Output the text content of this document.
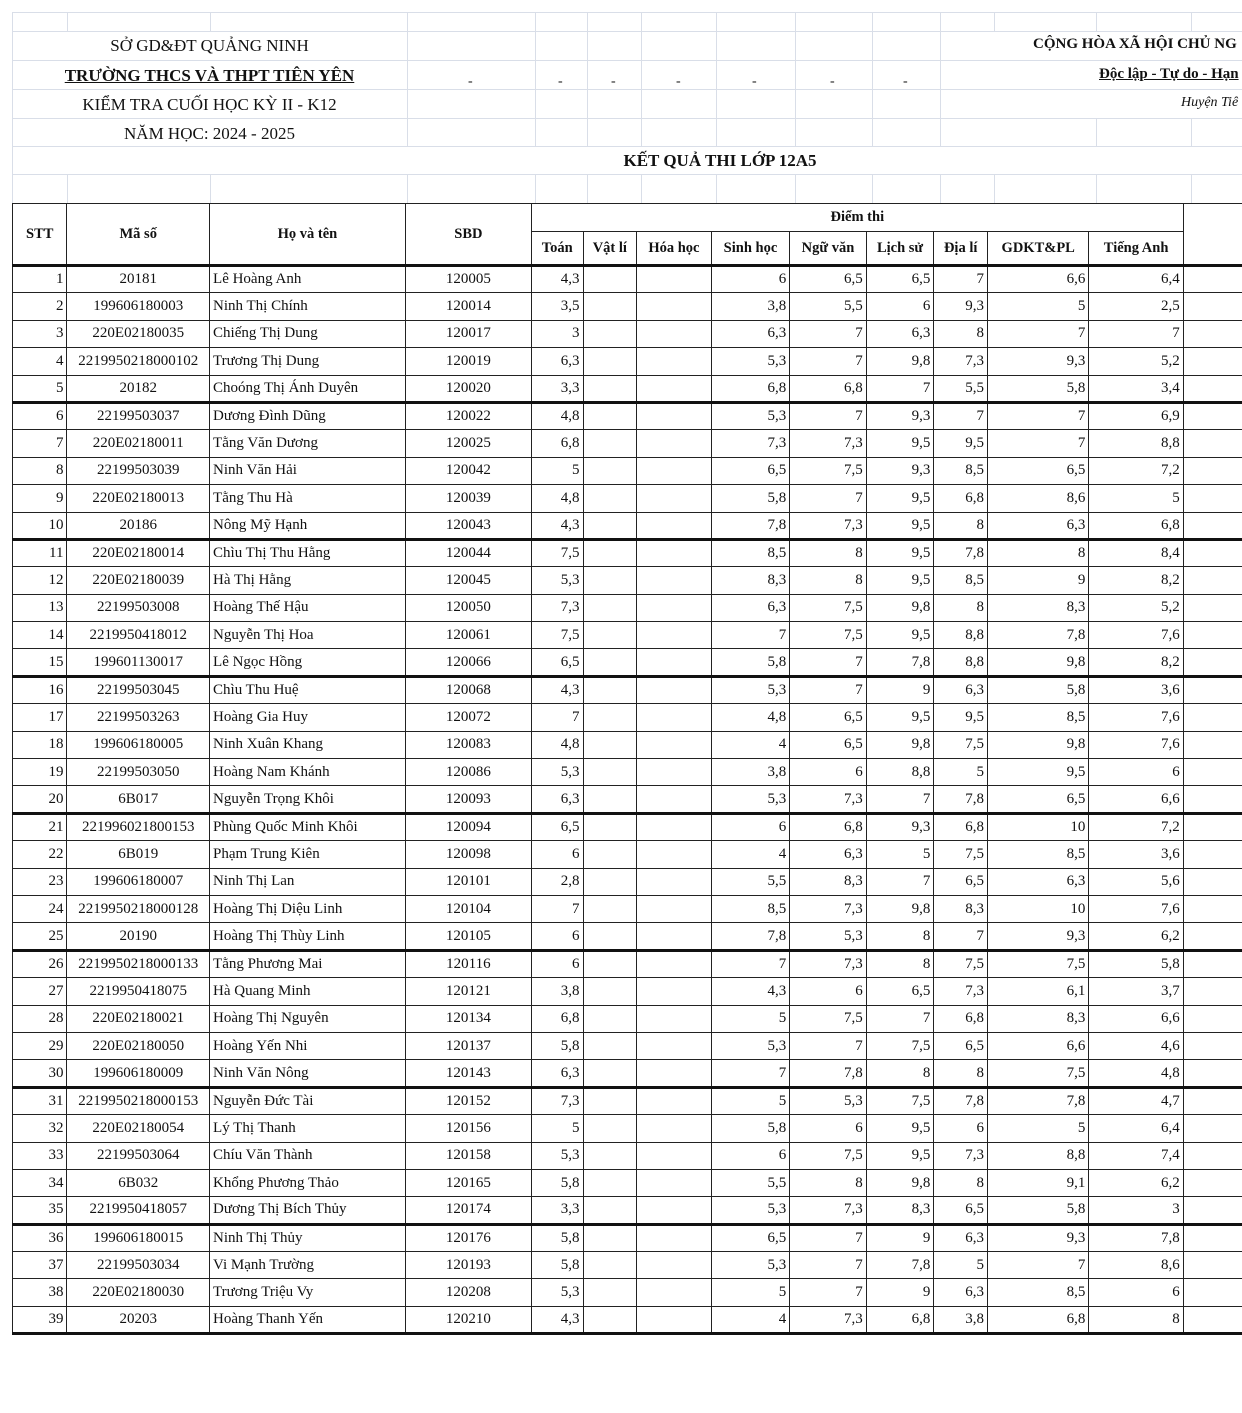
SỞ GD&ĐT QUẢNG NINH
TRƯỜNG THCS VÀ THPT TIÊN YÊN
KIỂM TRA CUỐI HỌC KỲ II - K12
NĂM HỌC: 2024 - 2025
-	-	-	-	-	-	-
CỘNG HÒA XÃ HỘI CHỦ NG
Độc lập - Tự do - Hạn
Huyện Tiê
KẾT QUẢ THI LỚP 12A5
STT	Mã số	Họ và tên	SBD	Điểm thi									
				Toán	Vật lí	Hóa học	Sinh học	Ngữ văn	Lịch sử	Địa lí	GDKT&PL	Tiếng Anh	
1	20181	Lê Hoàng Anh	120005	4,3			6	6,5	6,5	7	6,6	6,4	
2	199606180003	Ninh Thị Chính	120014	3,5			3,8	5,5	6	9,3	5	2,5	
3	220E02180035	Chiếng Thị Dung	120017	3			6,3	7	6,3	8	7	7	
4	2219950218000102	Trương Thị Dung	120019	6,3			5,3	7	9,8	7,3	9,3	5,2	
5	20182	Choóng Thị Ánh Duyên	120020	3,3			6,8	6,8	7	5,5	5,8	3,4	
6	22199503037	Dương Đình Dũng	120022	4,8			5,3	7	9,3	7	7	6,9	
7	220E02180011	Tằng Văn Dương	120025	6,8			7,3	7,3	9,5	9,5	7	8,8	
8	22199503039	Ninh Văn Hải	120042	5			6,5	7,5	9,3	8,5	6,5	7,2	
9	220E02180013	Tằng Thu Hà	120039	4,8			5,8	7	9,5	6,8	8,6	5	
10	20186	Nông Mỹ Hạnh	120043	4,3			7,8	7,3	9,5	8	6,3	6,8	
11	220E02180014	Chìu Thị Thu Hằng	120044	7,5			8,5	8	9,5	7,8	8	8,4	
12	220E02180039	Hà Thị Hằng	120045	5,3			8,3	8	9,5	8,5	9	8,2	
13	22199503008	Hoàng Thế Hậu	120050	7,3			6,3	7,5	9,8	8	8,3	5,2	
14	2219950418012	Nguyễn Thị Hoa	120061	7,5			7	7,5	9,5	8,8	7,8	7,6	
15	199601130017	Lê Ngọc Hồng	120066	6,5			5,8	7	7,8	8,8	9,8	8,2	
16	22199503045	Chìu Thu Huệ	120068	4,3			5,3	7	9	6,3	5,8	3,6	
17	22199503263	Hoàng Gia Huy	120072	7			4,8	6,5	9,5	9,5	8,5	7,6	
18	199606180005	Ninh Xuân Khang	120083	4,8			4	6,5	9,8	7,5	9,8	7,6	
19	22199503050	Hoàng Nam Khánh	120086	5,3			3,8	6	8,8	5	9,5	6	
20	6B017	Nguyễn Trọng Khôi	120093	6,3			5,3	7,3	7	7,8	6,5	6,6	
21	221996021800153	Phùng Quốc Minh Khôi	120094	6,5			6	6,8	9,3	6,8	10	7,2	
22	6B019	Phạm Trung Kiên	120098	6			4	6,3	5	7,5	8,5	3,6	
23	199606180007	Ninh Thị Lan	120101	2,8			5,5	8,3	7	6,5	6,3	5,6	
24	2219950218000128	Hoàng Thị Diệu Linh	120104	7			8,5	7,3	9,8	8,3	10	7,6	
25	20190	Hoàng Thị Thùy Linh	120105	6			7,8	5,3	8	7	9,3	6,2	
26	2219950218000133	Tằng Phương Mai	120116	6			7	7,3	8	7,5	7,5	5,8	
27	2219950418075	Hà Quang Minh	120121	3,8			4,3	6	6,5	7,3	6,1	3,7	
28	220E02180021	Hoàng Thị Nguyên	120134	6,8			5	7,5	7	6,8	8,3	6,6	
29	220E02180050	Hoàng Yến Nhi	120137	5,8			5,3	7	7,5	6,5	6,6	4,6	
30	199606180009	Ninh Văn Nông	120143	6,3			7	7,8	8	8	7,5	4,8	
31	2219950218000153	Nguyễn Đức Tài	120152	7,3			5	5,3	7,5	7,8	7,8	4,7	
32	220E02180054	Lý Thị Thanh	120156	5			5,8	6	9,5	6	5	6,4	
33	22199503064	Chíu Văn Thành	120158	5,3			6	7,5	9,5	7,3	8,8	7,4	
34	6B032	Khổng Phương Thảo	120165	5,8			5,5	8	9,8	8	9,1	6,2	
35	2219950418057	Dương Thị Bích Thủy	120174	3,3			5,3	7,3	8,3	6,5	5,8	3	
36	199606180015	Ninh Thị Thủy	120176	5,8			6,5	7	9	6,3	9,3	7,8	
37	22199503034	Vi Mạnh Trường	120193	5,8			5,3	7	7,8	5	7	8,6	
38	220E02180030	Trương Triệu Vy	120208	5,3			5	7	9	6,3	8,5	6	
39	20203	Hoàng Thanh Yến	120210	4,3			4	7,3	6,8	3,8	6,8	8	
